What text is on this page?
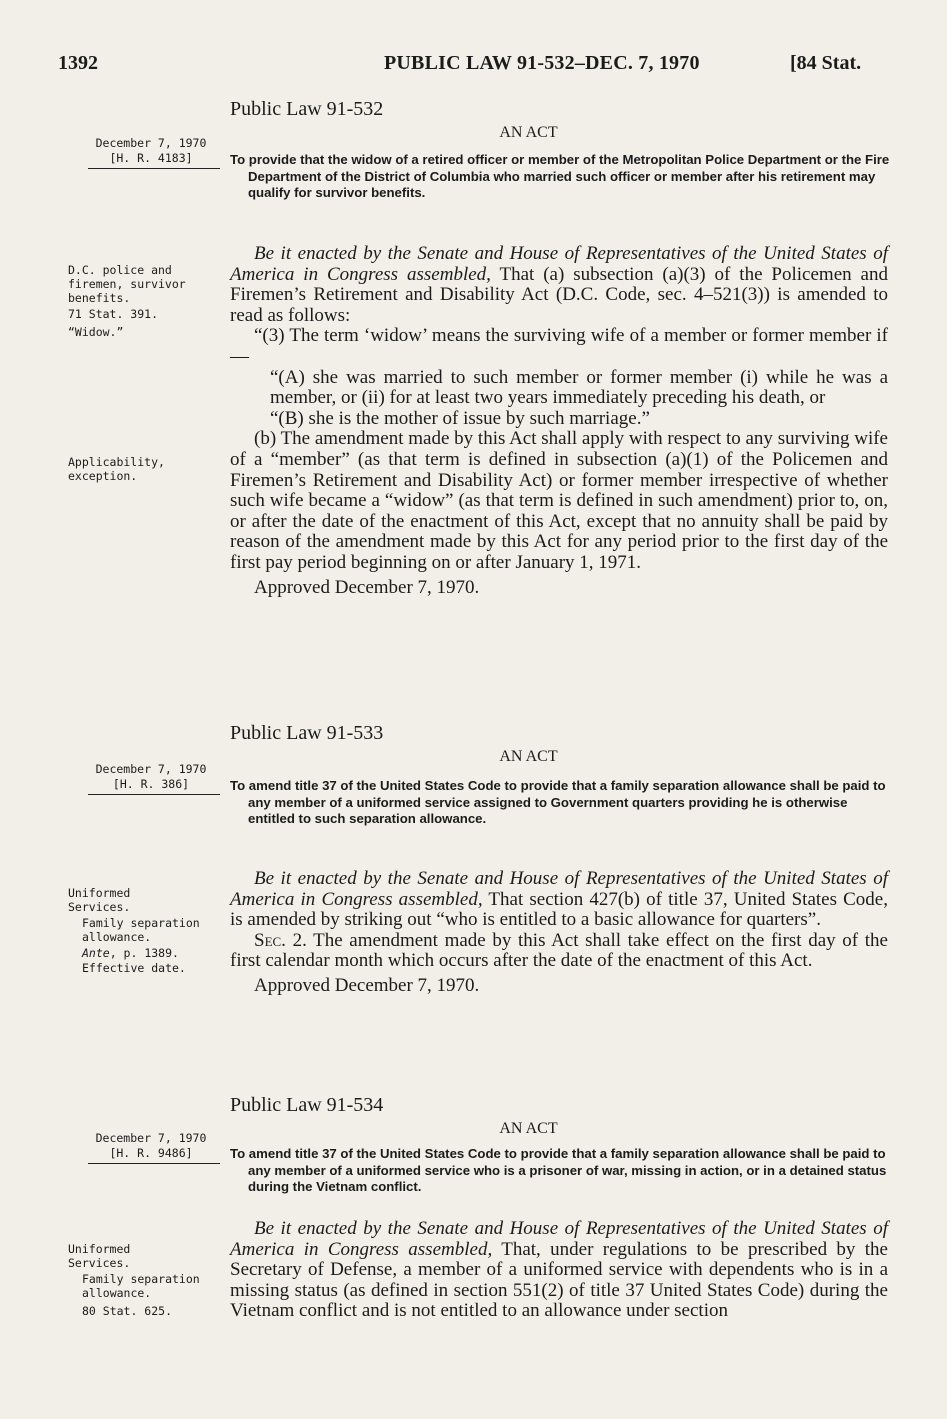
1392	PUBLIC LAW 91-532–DEC. 7, 1970	[84 Stat.
Public Law 91-532
AN ACT
December 7, 1970
[H. R. 4183]	To provide that the widow of a retired officer or member of the Metropolitan Police Department or the Fire Department of the District of Columbia who married such officer or member after his retirement may qualify for survivor benefits.
D.C. police and firemen, survivor benefits.
71 Stat. 391.
“Widow.”
Applicability, exception.

Be it enacted by the Senate and House of Representatives of the United States of America in Congress assembled, That (a) subsection (a)(3) of the Policemen and Firemen’s Retirement and Disability Act (D.C. Code, sec. 4–521(3)) is amended to read as follows:

“(3) The term ‘widow’ means the surviving wife of a member or former member if—

“(A) she was married to such member or former member (i) while he was a member, or (ii) for at least two years immediately preceding his death, or

“(B) she is the mother of issue by such marriage.”

(b) The amendment made by this Act shall apply with respect to any surviving wife of a “member” (as that term is defined in subsection (a)(1) of the Policemen and Firemen’s Retirement and Disability Act) or former member irrespective of whether such wife became a “widow” (as that term is defined in such amendment) prior to, on, or after the date of the enactment of this Act, except that no annuity shall be paid by reason of the amendment made by this Act for any period prior to the first day of the first pay period beginning on or after January 1, 1971.

Approved December 7, 1970.

Public Law 91-533
AN ACT
December 7, 1970
[H. R. 386]	To amend title 37 of the United States Code to provide that a family separation allowance shall be paid to any member of a uniformed service assigned to Government quarters providing he is otherwise entitled to such separation allowance.
Uniformed Services.
Family separation allowance.
Ante, p. 1389.
Effective date.

Be it enacted by the Senate and House of Representatives of the United States of America in Congress assembled, That section 427(b) of title 37, United States Code, is amended by striking out “who is entitled to a basic allowance for quarters”.

Sec. 2. The amendment made by this Act shall take effect on the first day of the first calendar month which occurs after the date of the enactment of this Act.

Approved December 7, 1970.

Public Law 91-534
AN ACT
December 7, 1970
[H. R. 9486]	To amend title 37 of the United States Code to provide that a family separation allowance shall be paid to any member of a uniformed service who is a prisoner of war, missing in action, or in a detained status during the Vietnam conflict.
Uniformed Services.
Family separation allowance.
80 Stat. 625.

Be it enacted by the Senate and House of Representatives of the United States of America in Congress assembled, That, under regulations to be prescribed by the Secretary of Defense, a member of a uniformed service with dependents who is in a missing status (as defined in section 551(2) of title 37 United States Code) during the Vietnam conflict and is not entitled to an allowance under section
